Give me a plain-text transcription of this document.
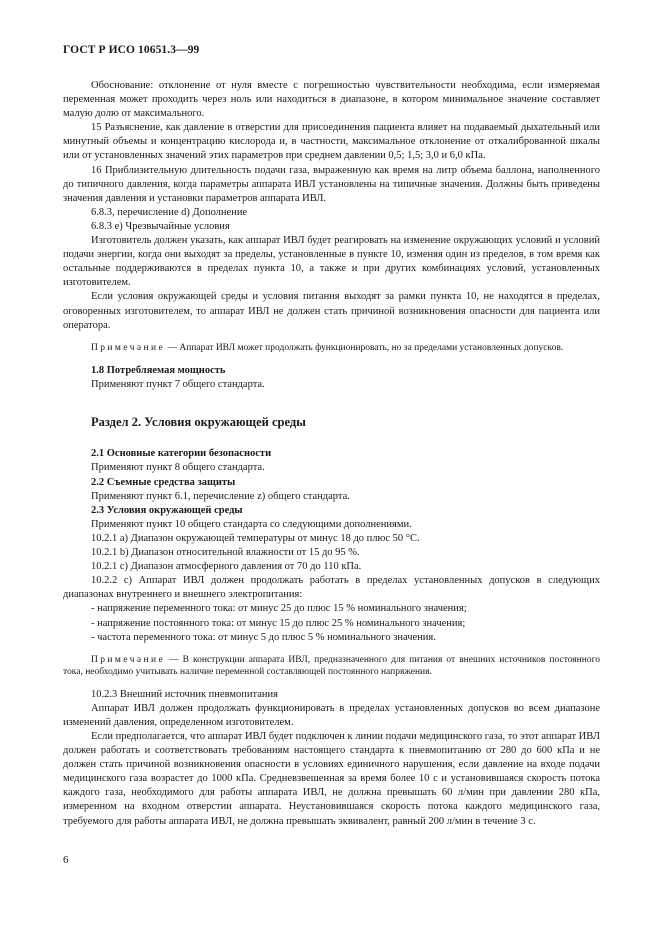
ГОСТ Р ИСО 10651.3—99

Обоснование: отклонение от нуля вместе с погрешностью чувствительности необходима, если измеряемая переменная может проходить через ноль или находиться в диапазоне, в котором минимальное значение составляет малую долю от максимального.

15 Разъяснение, как давление в отверстии для присоединения пациента влияет на подаваемый дыхательный или минутный объемы и концентрацию кислорода и, в частности, максимальное отклонение от откалиброванной шкалы или от установленных значений этих параметров при среднем давлении 0,5; 1,5; 3,0 и 6,0 кПа.

16 Приблизительную длительность подачи газа, выраженную как время на литр объема баллона, наполненного до типичного давления, когда параметры аппарата ИВЛ установлены на типичные значения. Должны быть приведены значения давления и установки параметров аппарата ИВЛ.

6.8.3, перечисление d) Дополнение

6.8.3 е) Чрезвычайные условия

Изготовитель должен указать, как аппарат ИВЛ будет реагировать на изменение окружающих условий и условий подачи энергии, когда они выходят за пределы, установленные в пункте 10, изменяя один из пределов, в том время как остальные поддерживаются в пределах пункта 10, а также и при других комбинациях условий, установленных изготовителем.

Если условия окружающей среды и условия питания выходят за рамки пункта 10, не находятся в пределах, оговоренных изготовителем, то аппарат ИВЛ не должен стать причиной возникновения опасности для пациента или оператора.

Примечание — Аппарат ИВЛ может продолжать функционировать, но за пределами установленных допусков.

1.8 Потребляемая мощность

Применяют пункт 7 общего стандарта.

Раздел 2. Условия окружающей среды

2.1 Основные категории безопасности

Применяют пункт 8 общего стандарта.

2.2 Съемные средства защиты

Применяют пункт 6.1, перечисление z) общего стандарта.

2.3 Условия окружающей среды

Применяют пункт 10 общего стандарта со следующими дополнениями.

10.2.1 a) Диапазон окружающей температуры от минус 18 до плюс 50 °С.

10.2.1 b) Диапазон относительной влажности от 15 до 95 %.

10.2.1 c) Диапазон атмосферного давления от 70 до 110 кПа.

10.2.2 c) Аппарат ИВЛ должен продолжать работать в пределах установленных допусков в следующих диапазонах внутреннего и внешнего электропитания:

- напряжение переменного тока: от минус 25 до плюс 15 % номинального значения;

- напряжение постоянного тока: от минус 15 до плюс 25 % номинального значения;

- частота переменного тока: от минус 5 до плюс 5 % номинального значения.

Примечание — В конструкции аппарата ИВЛ, предназначенного для питания от внешних источников постоянного тока, необходимо учитывать наличие переменной составляющей постоянного напряжения.

10.2.3 Внешний источник пневмопитания

Аппарат ИВЛ должен продолжать функционировать в пределах установленных допусков во всем диапазоне изменений давления, определенном изготовителем.

Если предполагается, что аппарат ИВЛ будет подключен к линии подачи медицинского газа, то этот аппарат ИВЛ должен работать и соответствовать требованиям настоящего стандарта к пневмопитанию от 280 до 600 кПа и не должен стать причиной возникновения опасности в условиях единичного нарушения, если давление на входе подачи медицинского газа возрастет до 1000 кПа. Средневзвешенная за время более 10 с и установившаяся скорость потока каждого газа, необходимого для работы аппарата ИВЛ, не должна превышать 60 л/мин при давлении 280 кПа, измеренном на входном отверстии аппарата. Неустановившаяся скорость потока каждого медицинского газа, требуемого для работы аппарата ИВЛ, не должна превышать эквивалент, равный 200 л/мин в течение 3 с.

6
